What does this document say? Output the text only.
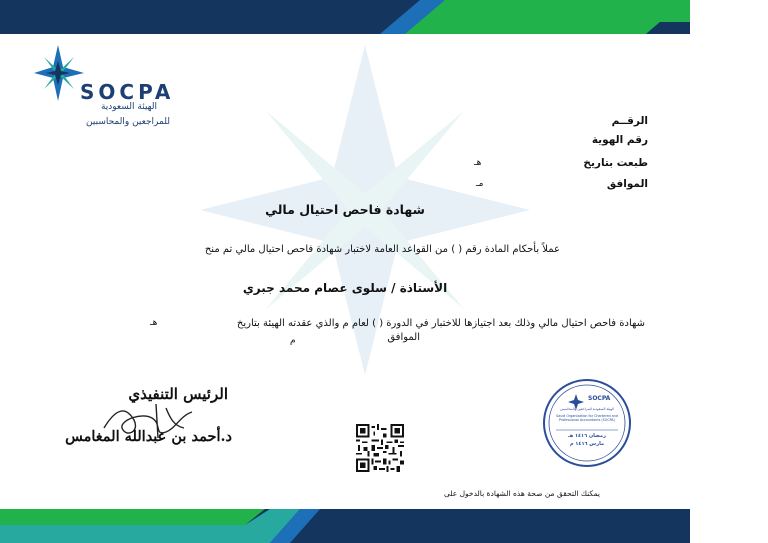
SOCPA
الهيئة السعودية
للمراجعين والمحاسبين	الرقــم
رقم الهوية
طبعت بتاريخ
هـ
الموافق
مـ
شهادة فاحص احتيال مالي
عملاً بأحكام المادة رقم ( ) من القواعد العامة لاختبار شهادة فاحص احتيال مالي تم منح
الأستاذة / سلوى عصام محمد جبري
شهادة فاحص احتيال مالي وذلك بعد اجتيازها للاختبار في الدورة ( ) لعام م والذي عقدته الهيئة بتاريخ
هـ
الموافق
م
الرئيس التنفيذي
د.أحمد بن عبدالله المغامس
يمكنك التحقق من صحة هذه الشهادة بالدخول على
SOCPA
الهيئة السعودية للمراجعين والمحاسبين
Saudi Organization for Chartered and Professional Accountants (SOCPA)
رمضان ١٤١٦ هـ
مارس ١٤١٦ م
